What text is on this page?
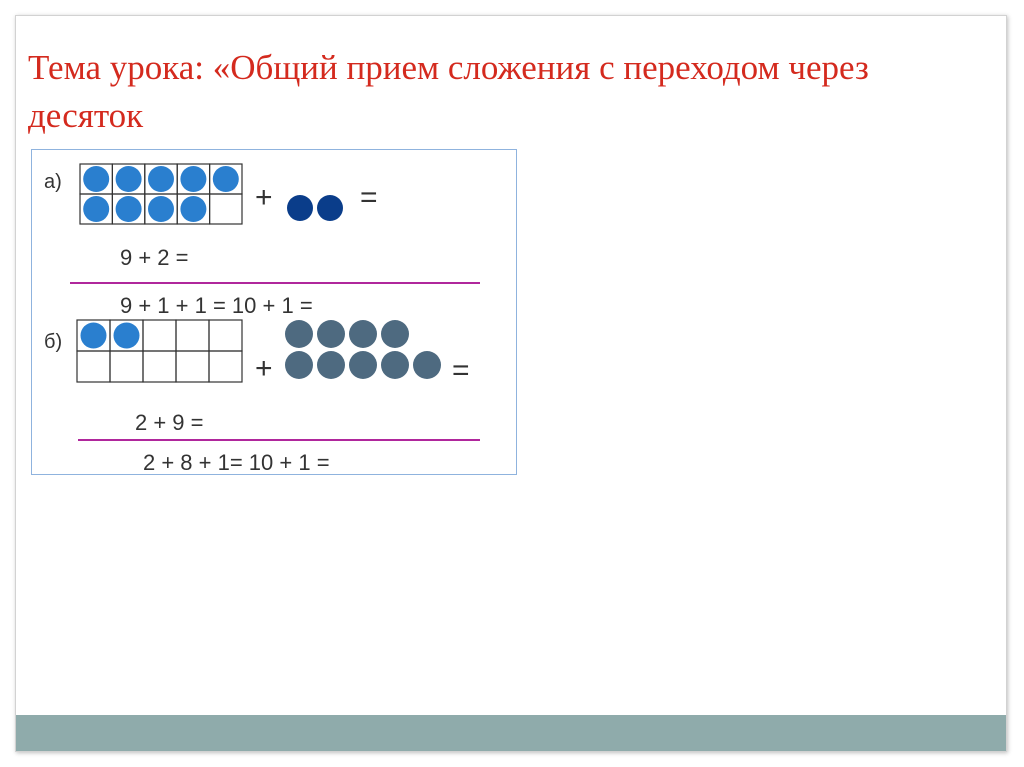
Тема урока: «Общий прием сложения с переходом через десяток
а)	+	=
9 + 2 =
9 + 1 + 1 = 10 + 1 =
б)
+	=
2 + 9 =
2 + 8 + 1= 10 + 1 =
